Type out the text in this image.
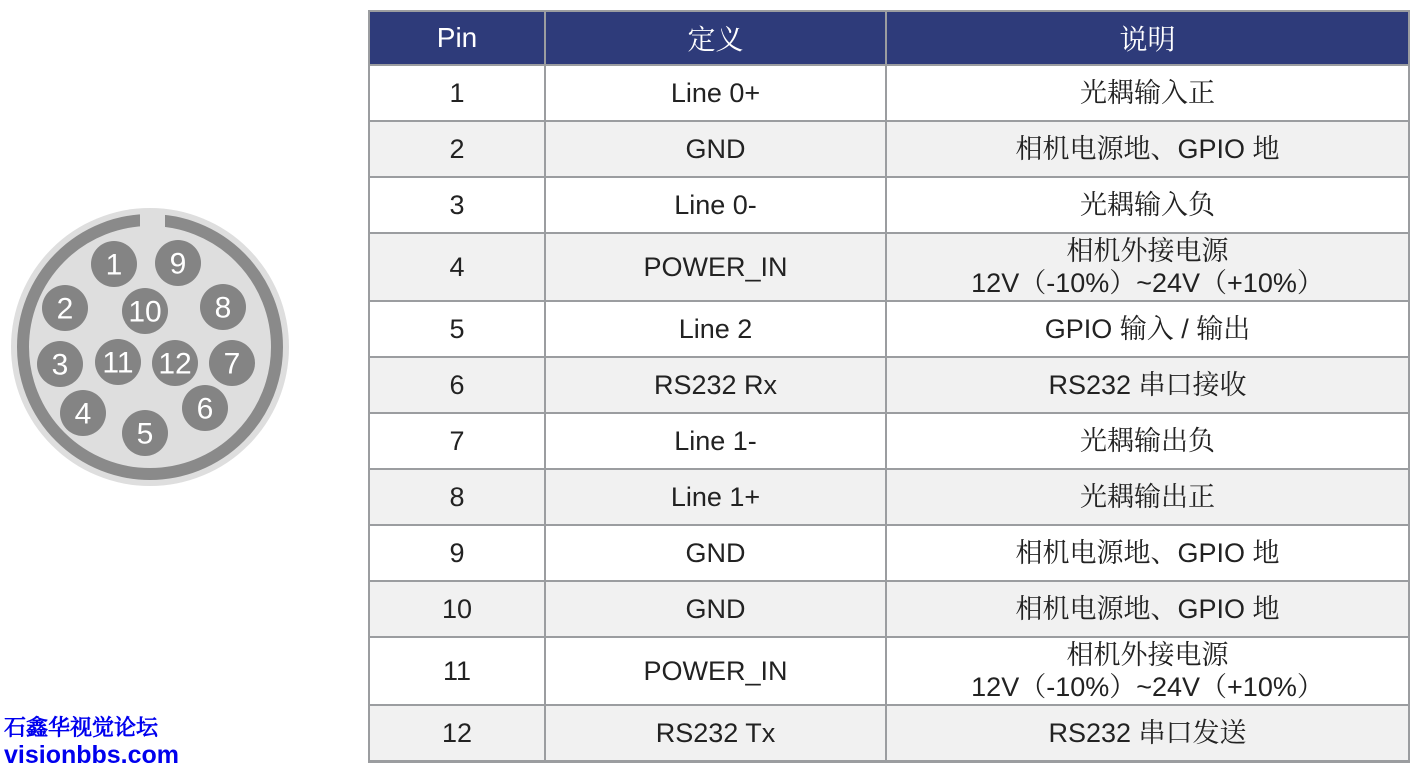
1
2
3
4
5
6
7
8
9
10
11 12
Pin	定义	说明
1	Line 0+	光耦输入正

2	GND	相机电源地、GPIO 地

3	Line 0-	光耦输入负

4	POWER_IN	相机外接电源
12V（-10%）~24V（+10%）

5	Line 2	GPIO 输入 / 输出

6	RS232 Rx	RS232 串口接收

7	Line 1-	光耦输出负

8	Line 1+	光耦输出正

9	GND	相机电源地、GPIO 地

10	GND	相机电源地、GPIO 地

11	POWER_IN	相机外接电源
12V（-10%）~24V（+10%）

12	RS232 Tx	RS232 串口发送
石鑫华视觉论坛
visionbbs.com
